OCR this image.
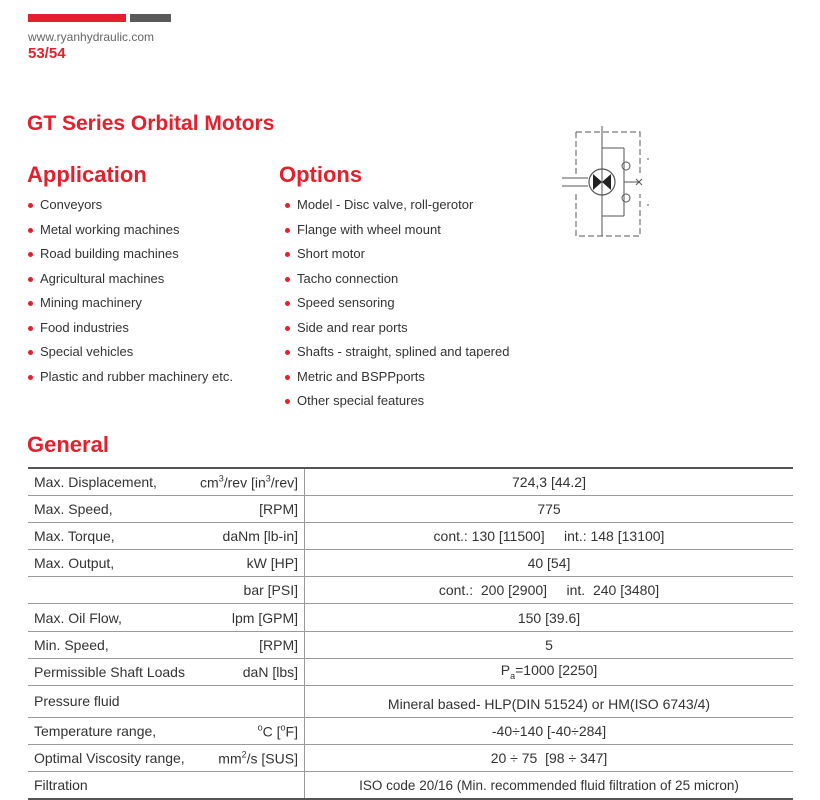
www.ryanhydraulic.com
53/54
GT Series Orbital Motors
Application
Conveyors
Metal working machines
Road building machines
Agricultural machines
Mining machinery
Food industries
Special vehicles
Plastic and rubber machinery etc.
Options
Model - Disc valve, roll-gerotor
Flange with wheel mount
Short motor
Tacho connection
Speed sensoring
Side and rear ports
Shafts - straight, splined and tapered
Metric and BSPPports
Other special features
General
Max. Displacement, $cm^3$/rev $[in^3/rev]$	724,3 [44.2]

Max. Speed, [RPM]	775

Max. Torque, daNm [lb-in]	cont.: 130 [11500]     int.: 148 [13100]

Max. Output, kW [HP]	40 [54]

bar [PSI]	cont.:  200 [2900]     int.  240 [3480]

Max. Oil Flow, lpm [GPM]	150 [39.6]

Min. Speed, [RPM]	5

Permissible Shaft Loads daN [lbs]	$P_a=1000$ [2250]

Pressure fluid	Mineral based- HLP(DIN 51524) or HM(ISO 6743/4)

Temperature range, $^o$C [$^o$F]	-40÷140 [-40÷284]

Optimal Viscosity range, $mm^2/s$ [SUS]	20 ÷ 75  [98 ÷ 347]

Filtration	ISO code 20/16 (Min. recommended fluid filtration of 25 micron)
